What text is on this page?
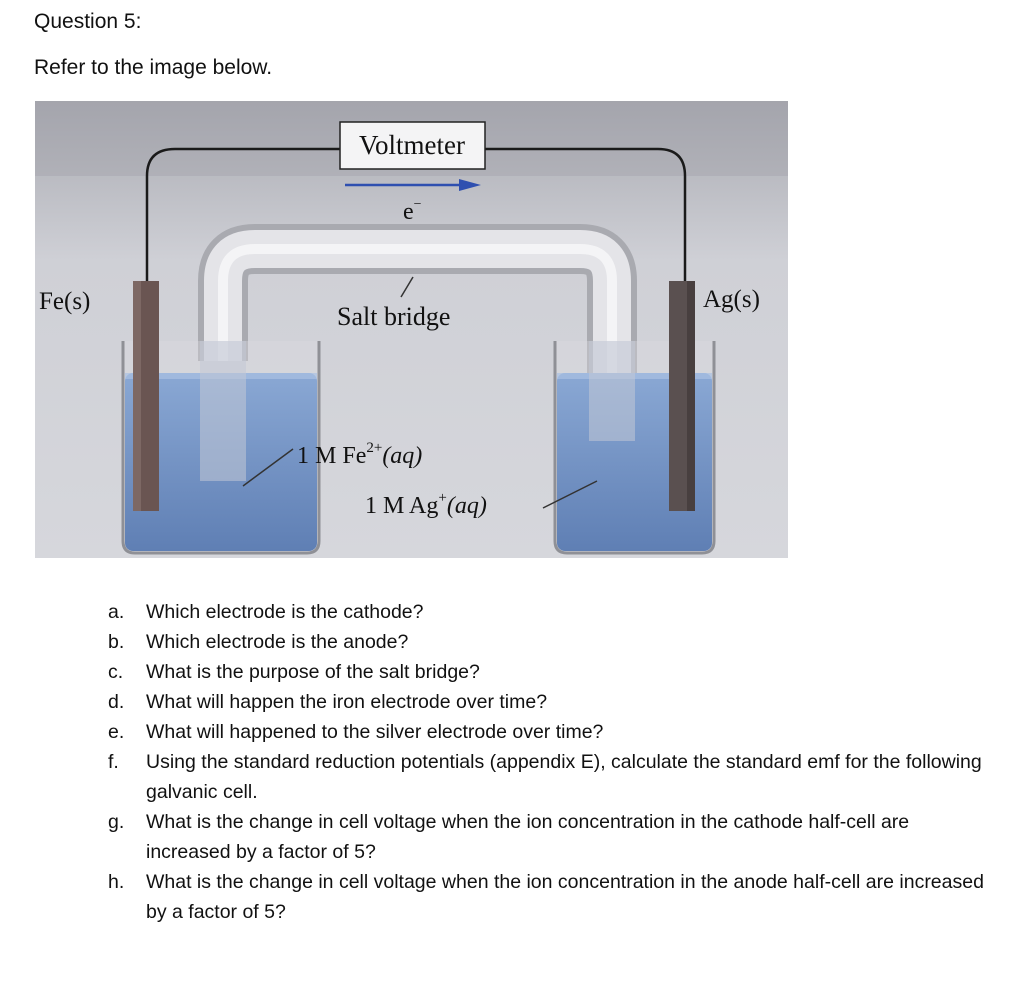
Question 5:
Refer to the image below.
Voltmeter
e−
Fe(s)	Ag(s)
Salt bridge
1 M $Fe^{2+}(aq)$
1 M Ag+(aq)
a. Which electrode is the cathode?
b. Which electrode is the anode?
c. What is the purpose of the salt bridge?
d. What will happen the iron electrode over time?
e. What will happened to the silver electrode over time?
f. Using the standard reduction potentials (appendix E), calculate the standard emf for the following galvanic cell.
g. What is the change in cell voltage when the ion concentration in the cathode half-cell are increased by a factor of 5?
h. What is the change in cell voltage when the ion concentration in the anode half-cell are increased by a factor of 5?
